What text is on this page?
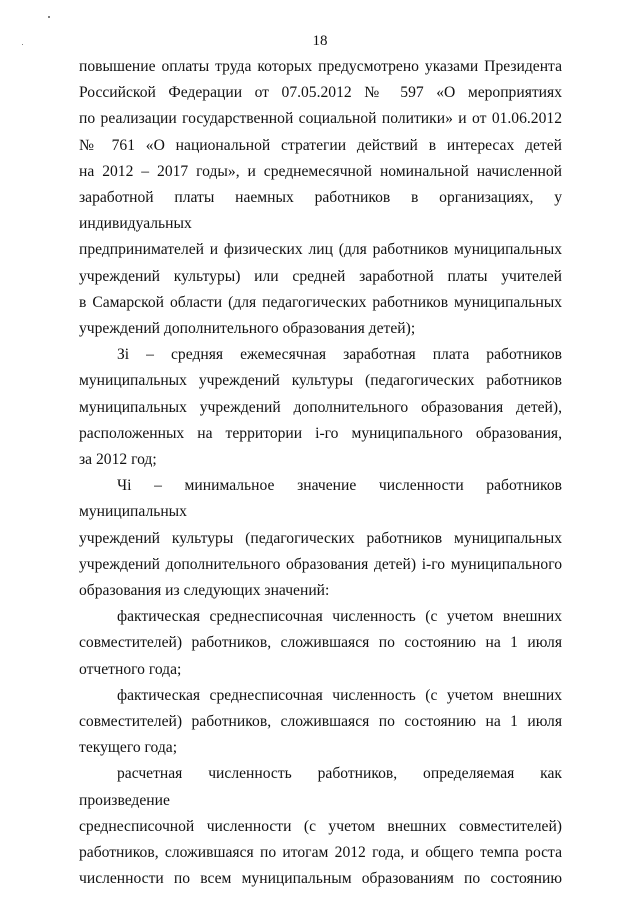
18

повышение оплаты труда которых предусмотрено указами Президента

Российской Федерации от 07.05.2012 № 597 «О мероприятиях

по реализации государственной социальной политики» и от 01.06.2012

№ 761 «О национальной стратегии действий в интересах детей

на 2012 – 2017 годы», и среднемесячной номинальной начисленной

заработной платы наемных работников в организациях, у индивидуальных

предпринимателей и физических лиц (для работников муниципальных

учреждений культуры) или средней заработной платы учителей

в Самарской области (для педагогических работников муниципальных

учреждений дополнительного образования детей);

Зi – средняя ежемесячная заработная плата работников

муниципальных учреждений культуры (педагогических работников

муниципальных учреждений дополнительного образования детей),

расположенных на территории i-го муниципального образования,

за 2012 год;

Чi – минимальное значение численности работников муниципальных

учреждений культуры (педагогических работников муниципальных

учреждений дополнительного образования детей) i-го муниципального

образования из следующих значений:

фактическая среднесписочная численность (с учетом внешних

совместителей) работников, сложившаяся по состоянию на 1 июля

отчетного года;

фактическая среднесписочная численность (с учетом внешних

совместителей) работников, сложившаяся по состоянию на 1 июля

текущего года;

расчетная численность работников, определяемая как произведение

среднесписочной численности (с учетом внешних совместителей)

работников, сложившаяся по итогам 2012 года, и общего темпа роста

численности по всем муниципальным образованиям по состоянию
